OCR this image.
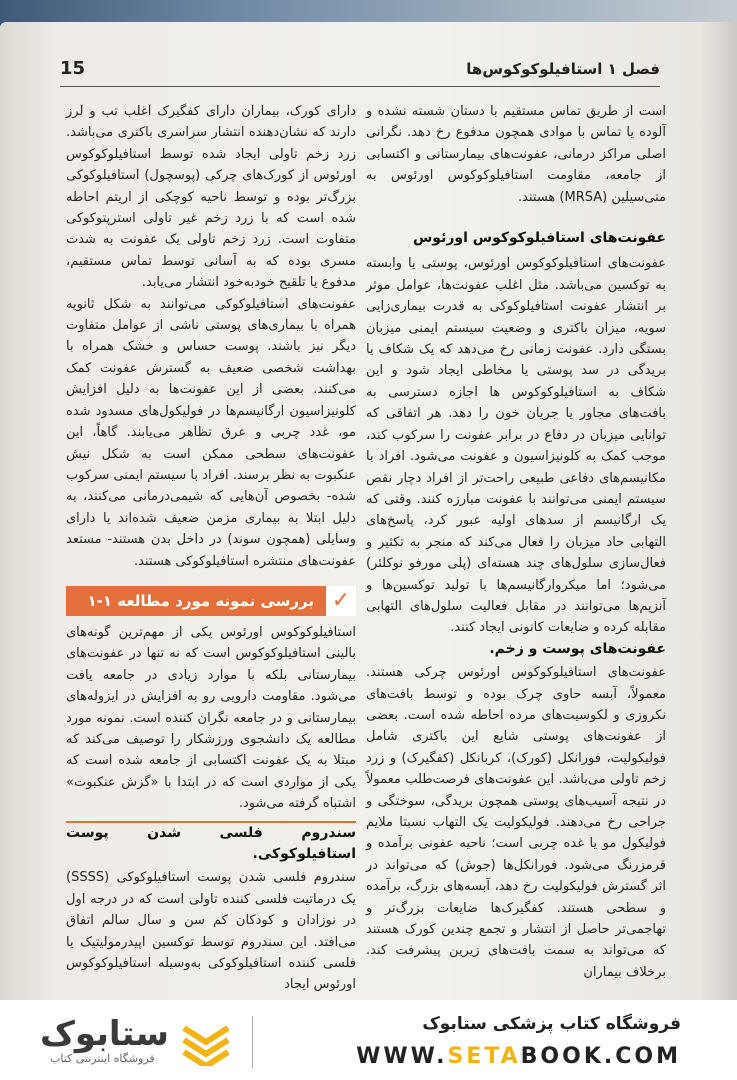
15	فصل ۱ استافیلوکوکوس‌ها

است از طریق تماس مستقیم با دستان شسته نشده و آلوده یا تماس با موادی همچون مدفوع رخ دهد. نگرانی اصلی مراکز درمانی، عفونت‌های بیمارستانی و اکتسابی از جامعه، مقاومت استافیلوکوکوس اورئوس به متی‌سیلین (MRSA) هستند.

عفونت‌های استافیلوکوکوس اورئوس

عفونت‌های استافیلوکوکوس اورئوس، پوستی یا وابسته به توکسین می‌باشد. مثل اغلب عفونت‌ها، عوامل موثر بر انتشار عفونت استافیلوکوکی به قدرت بیماری‌زایی سویه، میزان باکتری و وضعیت سیستم ایمنی میزبان بستگی دارد. عفونت زمانی رخ می‌دهد که یک شکاف یا بریدگی در سد پوستی یا مخاطی ایجاد شود و این شکاف به استافیلوکوکوس ها اجازه دسترسی به بافت‌های مجاور یا جریان خون را دهد. هر اتفاقی که توانایی میزبان در دفاع در برابر عفونت را سرکوب کند، موجب کمک به کلونیزاسیون و عفونت می‌شود. افراد با مکانیسم‌های دفاعی طبیعی راحت‌تر از افراد دچار نقص سیستم ایمنی می‌توانند با عفونت مبارزه کنند. وقتی که یک ارگانیسم از سدهای اولیه عبور کرد، پاسخ‌های التهابی حاد میزبان را فعال می‌کند که منجر به تکثیر و فعال‌سازی سلول‌های چند هسته‌ای (پلی مورفو نوکلئر) می‌شود؛ اما میکروارگانیسم‌ها با تولید توکسین‌ها و آنزیم‌ها می‌توانند در مقابل فعالیت سلول‌های التهابی مقابله کرده و ضایعات کانونی ایجاد کنند.

عفونت‌های پوست و زخم.

عفونت‌های استافیلوکوکوس اورئوس چرکی هستند. معمولاً، آبسه حاوی چرک بوده و توسط بافت‌های نکروزی و لکوسیت‌های مرده احاطه شده است. بعضی از عفونت‌های پوستی شایع این باکتری شامل فولیکولیت، فورانکل (کورک)، کربانکل (کفگیرک) و زرد زخم تاولی می‌باشد. این عفونت‌های فرصت‌طلب معمولاً در نتیجه آسیب‌های پوستی همچون بریدگی، سوختگی و جراحی رخ می‌دهند. فولیکولیت یک التهاب نسبتا ملایم فولیکول مو یا غده چربی است؛ ناحیه عفونی برآمده و قرمزرنگ می‌شود. فورانکل‌ها (جوش) که می‌تواند در اثر گسترش فولیکولیت رخ دهد، آبسه‌های بزرگ، برآمده و سطحی هستند. کفگیرک‌ها ضایعات بزرگ‌تر و تهاجمی‌تر حاصل از انتشار و تجمع چندین کورک هستند که می‌تواند به سمت بافت‌های زیرین پیشرفت کند. برخلاف بیماران

دارای کورک، بیماران دارای کفگیرک اغلب تب و لرز دارند که نشان‌دهنده انتشار سراسری باکتری می‌باشد. زرد زخم تاولی ایجاد شده توسط استافیلوکوکوس اورئوس از کورک‌های چرکی (پوسچول) استافیلوکوکی بزرگ‌تر بوده و توسط ناحیه کوچکی از اریتم احاطه شده است که با زرد زخم غیر تاولی استرپتوکوکی متفاوت است. زرد زخم تاولی یک عفونت به شدت مسری بوده که به آسانی توسط تماس مستقیم، مدفوع یا تلقیح خودبه‌خود انتشار می‌یابد.

عفونت‌های استافیلوکوکی می‌توانند به شکل ثانویه همراه با بیماری‌های پوستی ناشی از عوامل متفاوت دیگر نیز باشند. پوست حساس و خشک همراه با بهداشت شخصی ضعیف به گسترش عفونت کمک می‌کنند. بعضی از این عفونت‌ها به دلیل افزایش کلونیزاسیون ارگانیسم‌ها در فولیکول‌های مسدود شده مو، غدد چربی و عرق تظاهر می‌یابند. گاهاً، این عفونت‌های سطحی ممکن است به شکل نیش عنکبوت به نظر برسند. افراد با سیستم ایمنی سرکوب شده- بخصوص آن‌هایی که شیمی‌درمانی می‌کنند، به دلیل ابتلا به بیماری مزمن ضعیف شده‌اند یا دارای وسایلی (همچون سوند) در داخل بدن هستند- مستعد عفونت‌های منتشره استافیلوکوکی هستند.

✓
بررسی نمونه مورد مطالعه ۱-۱

استافیلوکوکوس اورئوس یکی از مهم‌ترین گونه‌های بالینی استافیلوکوکوس است که نه تنها در عفونت‌های بیمارستانی بلکه با موارد زیادی در جامعه یافت می‌شود. مقاومت دارویی رو به افزایش در ایزوله‌های بیمارستانی و در جامعه نگران کننده است. نمونه مورد مطالعه یک دانشجوی ورزشکار را توصیف می‌کند که مبتلا به یک عفونت اکتسابی از جامعه شده است که یکی از مواردی است که در ابتدا با «گزش عنکبوت» اشتباه گرفته می‌شود.

سندروم فلسی شدن پوست استافیلوکوکی.

سندروم فلسی شدن پوست استافیلوکوکی (SSSS) یک درماتیت فلسی کننده تاولی است که در درجه اول در نوزادان و کودکان کم سن و سال سالم اتفاق می‌افتد. این سندروم توسط توکسین اپیدرمولیتیک یا فلسی کننده استافیلوکوکی به‌وسیله استافیلوکوکوس اورئوس ایجاد

ستابوک
فروشگاه اینترنتی کتاب
فروشگاه کتاب پزشکی ستابوک
WWW.SETABOOK.COM
